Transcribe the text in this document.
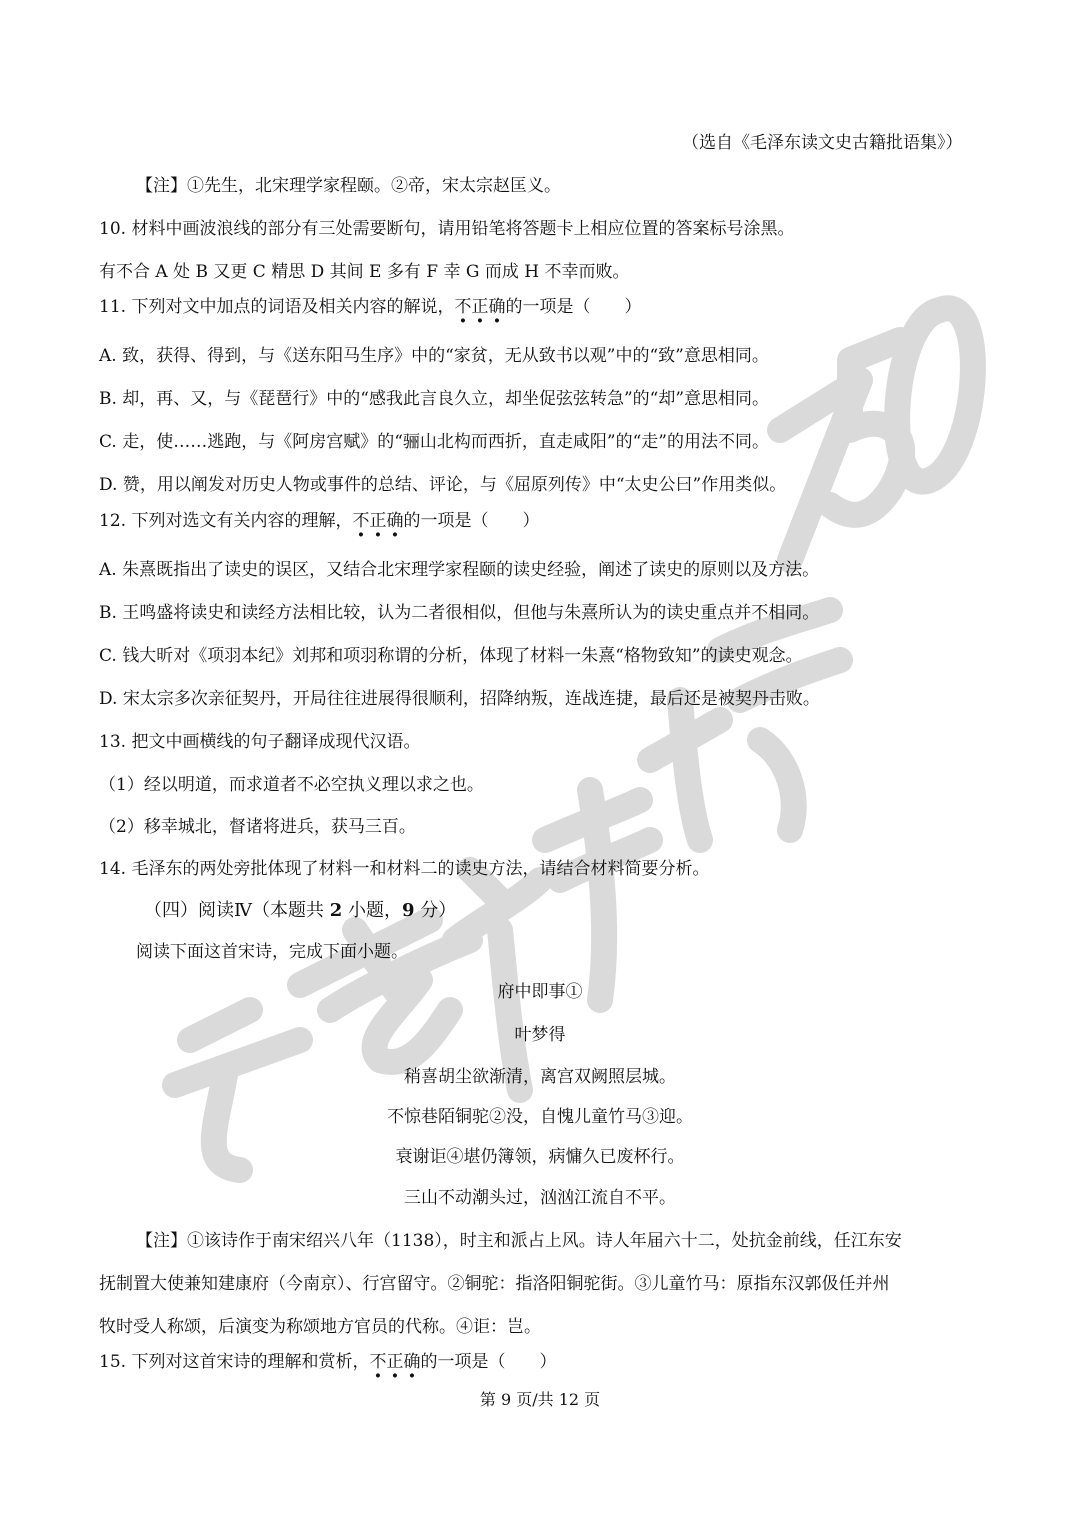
（选自《毛泽东读文史古籍批语集》）
【注】①先生，北宋理学家程颐。②帝，宋太宗赵匡义。
10. 材料中画波浪线的部分有三处需要断句，请用铅笔将答题卡上相应位置的答案标号涂黑。
有不合 A 处 B 又更 C 精思 D 其间 E 多有 F 幸 G 而成 H 不幸而败。
11. 下列对文中加点的词语及相关内容的解说，不正确的一项是（　　）
A. 致，获得、得到，与《送东阳马生序》中的“家贫，无从致书以观”中的“致”意思相同。
B. 却，再、又，与《琵琶行》中的“感我此言良久立，却坐促弦弦转急”的“却”意思相同。
C. 走，使……逃跑，与《阿房宫赋》的“骊山北构而西折，直走咸阳”的“走”的用法不同。
D. 赞，用以阐发对历史人物或事件的总结、评论，与《屈原列传》中“太史公曰”作用类似。
12. 下列对选文有关内容的理解，不正确的一项是（　　）
A. 朱熹既指出了读史的误区，又结合北宋理学家程颐的读史经验，阐述了读史的原则以及方法。
B. 王鸣盛将读史和读经方法相比较，认为二者很相似，但他与朱熹所认为的读史重点并不相同。
C. 钱大昕对《项羽本纪》刘邦和项羽称谓的分析，体现了材料一朱熹“格物致知”的读史观念。
D. 宋太宗多次亲征契丹，开局往往进展得很顺利，招降纳叛，连战连捷，最后还是被契丹击败。
13. 把文中画横线的句子翻译成现代汉语。
（1）经以明道，而求道者不必空执义理以求之也。
（2）移幸城北，督诸将进兵，获马三百。
14. 毛泽东的两处旁批体现了材料一和材料二的读史方法，请结合材料简要分析。
（四）阅读Ⅳ（本题共 2 小题，9 分）
阅读下面这首宋诗，完成下面小题。
府中即事①
叶梦得
稍喜胡尘欲渐清，离宫双阙照层城。
不惊巷陌铜驼②没，自愧儿童竹马③迎。
衰谢讵④堪仍簿领，病慵久已废杯行。
三山不动潮头过，汹汹江流自不平。
【注】①该诗作于南宋绍兴八年（1138），时主和派占上风。诗人年届六十二，处抗金前线，任江东安
抚制置大使兼知建康府（今南京）、行宫留守。②铜驼：指洛阳铜驼街。③儿童竹马：原指东汉郭伋任并州
牧时受人称颂，后演变为称颂地方官员的代称。④讵：岂。
15. 下列对这首宋诗的理解和赏析，不正确的一项是（　　）
第 9 页/共 12 页
